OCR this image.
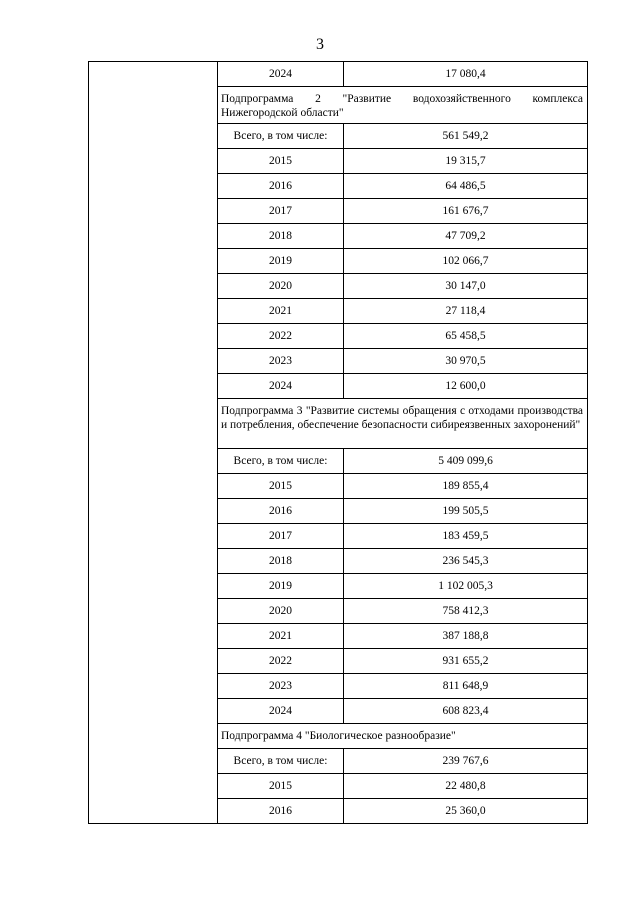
3
	2024	17 080,4
	Подпрограмма 2 "Развитие водохозяйственного комплекса Нижегородской области"	
	Всего, в том числе:	561 549,2
	2015	19 315,7
	2016	64 486,5
	2017	161 676,7
	2018	47 709,2
	2019	102 066,7
	2020	30 147,0
	2021	27 118,4
	2022	65 458,5
	2023	30 970,5
	2024	12 600,0
	Подпрограмма 3 "Развитие системы обращения с отходами производства и потребления, обеспечение безопасности сибиреязвенных захоронений"	
	Всего, в том числе:	5 409 099,6
	2015	189 855,4
	2016	199 505,5
	2017	183 459,5
	2018	236 545,3
	2019	1 102 005,3
	2020	758 412,3
	2021	387 188,8
	2022	931 655,2
	2023	811 648,9
	2024	608 823,4
	Подпрограмма 4 "Биологическое разнообразие"	
	Всего, в том числе:	239 767,6
	2015	22 480,8
	2016	25 360,0
